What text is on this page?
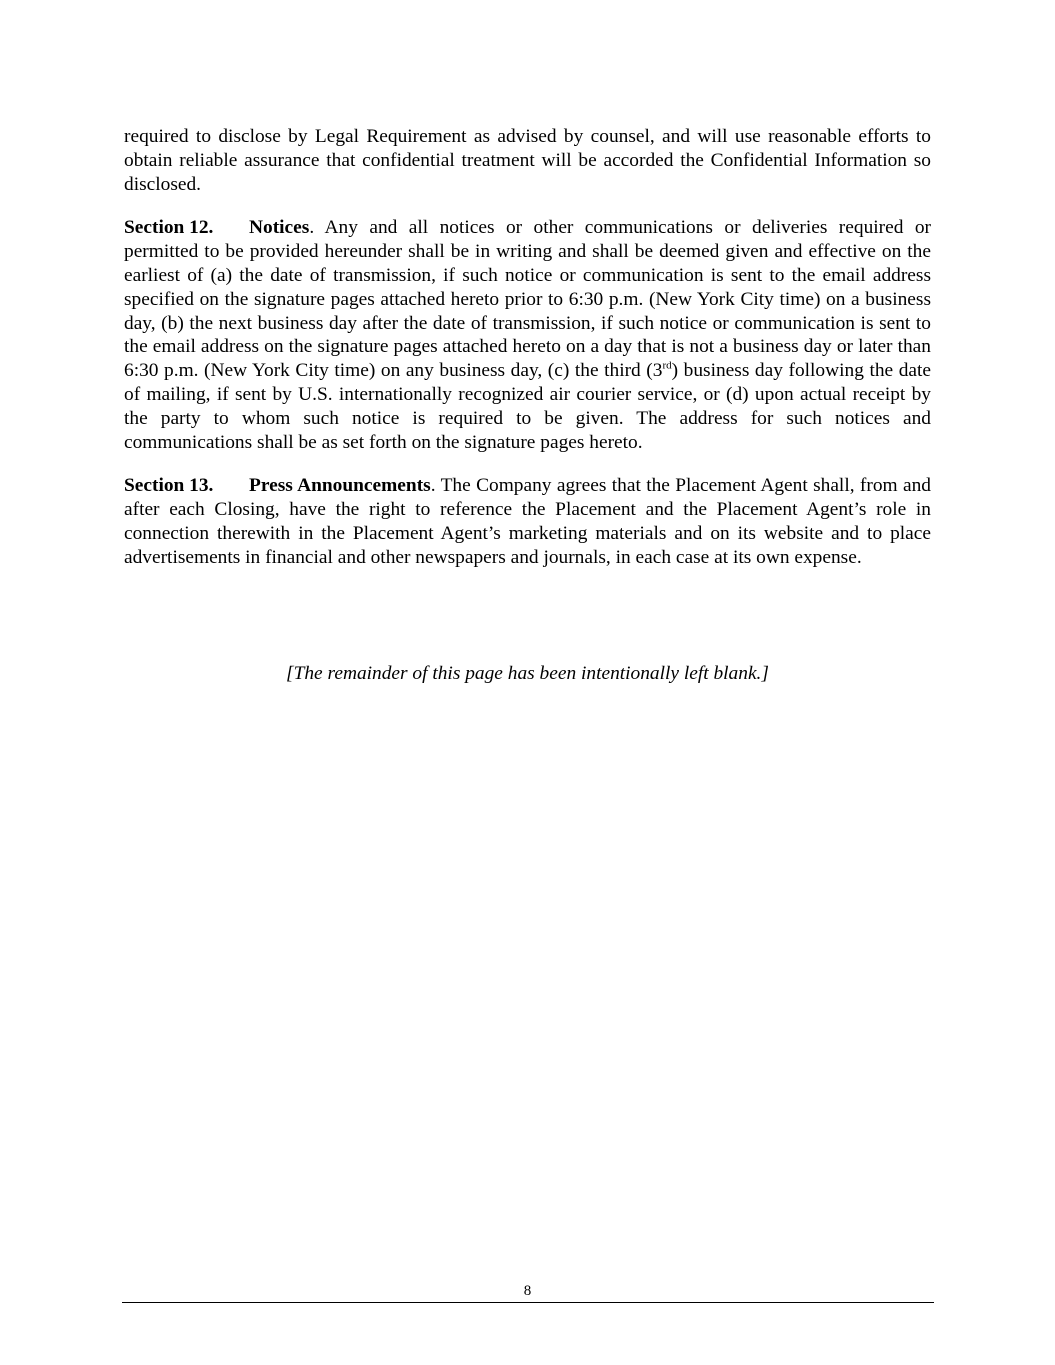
required to disclose by Legal Requirement as advised by counsel, and will use reasonable efforts to obtain reliable assurance that confidential treatment will be accorded the Confidential Information so disclosed.

Section 12. Notices. Any and all notices or other communications or deliveries required or permitted to be provided hereunder shall be in writing and shall be deemed given and effective on the earliest of (a) the date of transmission, if such notice or communication is sent to the email address specified on the signature pages attached hereto prior to 6:30 p.m. (New York City time) on a business day, (b) the next business day after the date of transmission, if such notice or communication is sent to the email address on the signature pages attached hereto on a day that is not a business day or later than 6:30 p.m. (New York City time) on any business day, (c) the third (3rd) business day following the date of mailing, if sent by U.S. internationally recognized air courier service, or (d) upon actual receipt by the party to whom such notice is required to be given. The address for such notices and communications shall be as set forth on the signature pages hereto.

Section 13. Press Announcements. The Company agrees that the Placement Agent shall, from and after each Closing, have the right to reference the Placement and the Placement Agent’s role in connection therewith in the Placement Agent’s marketing materials and on its website and to place advertisements in financial and other newspapers and journals, in each case at its own expense.

[The remainder of this page has been intentionally left blank.]
8
